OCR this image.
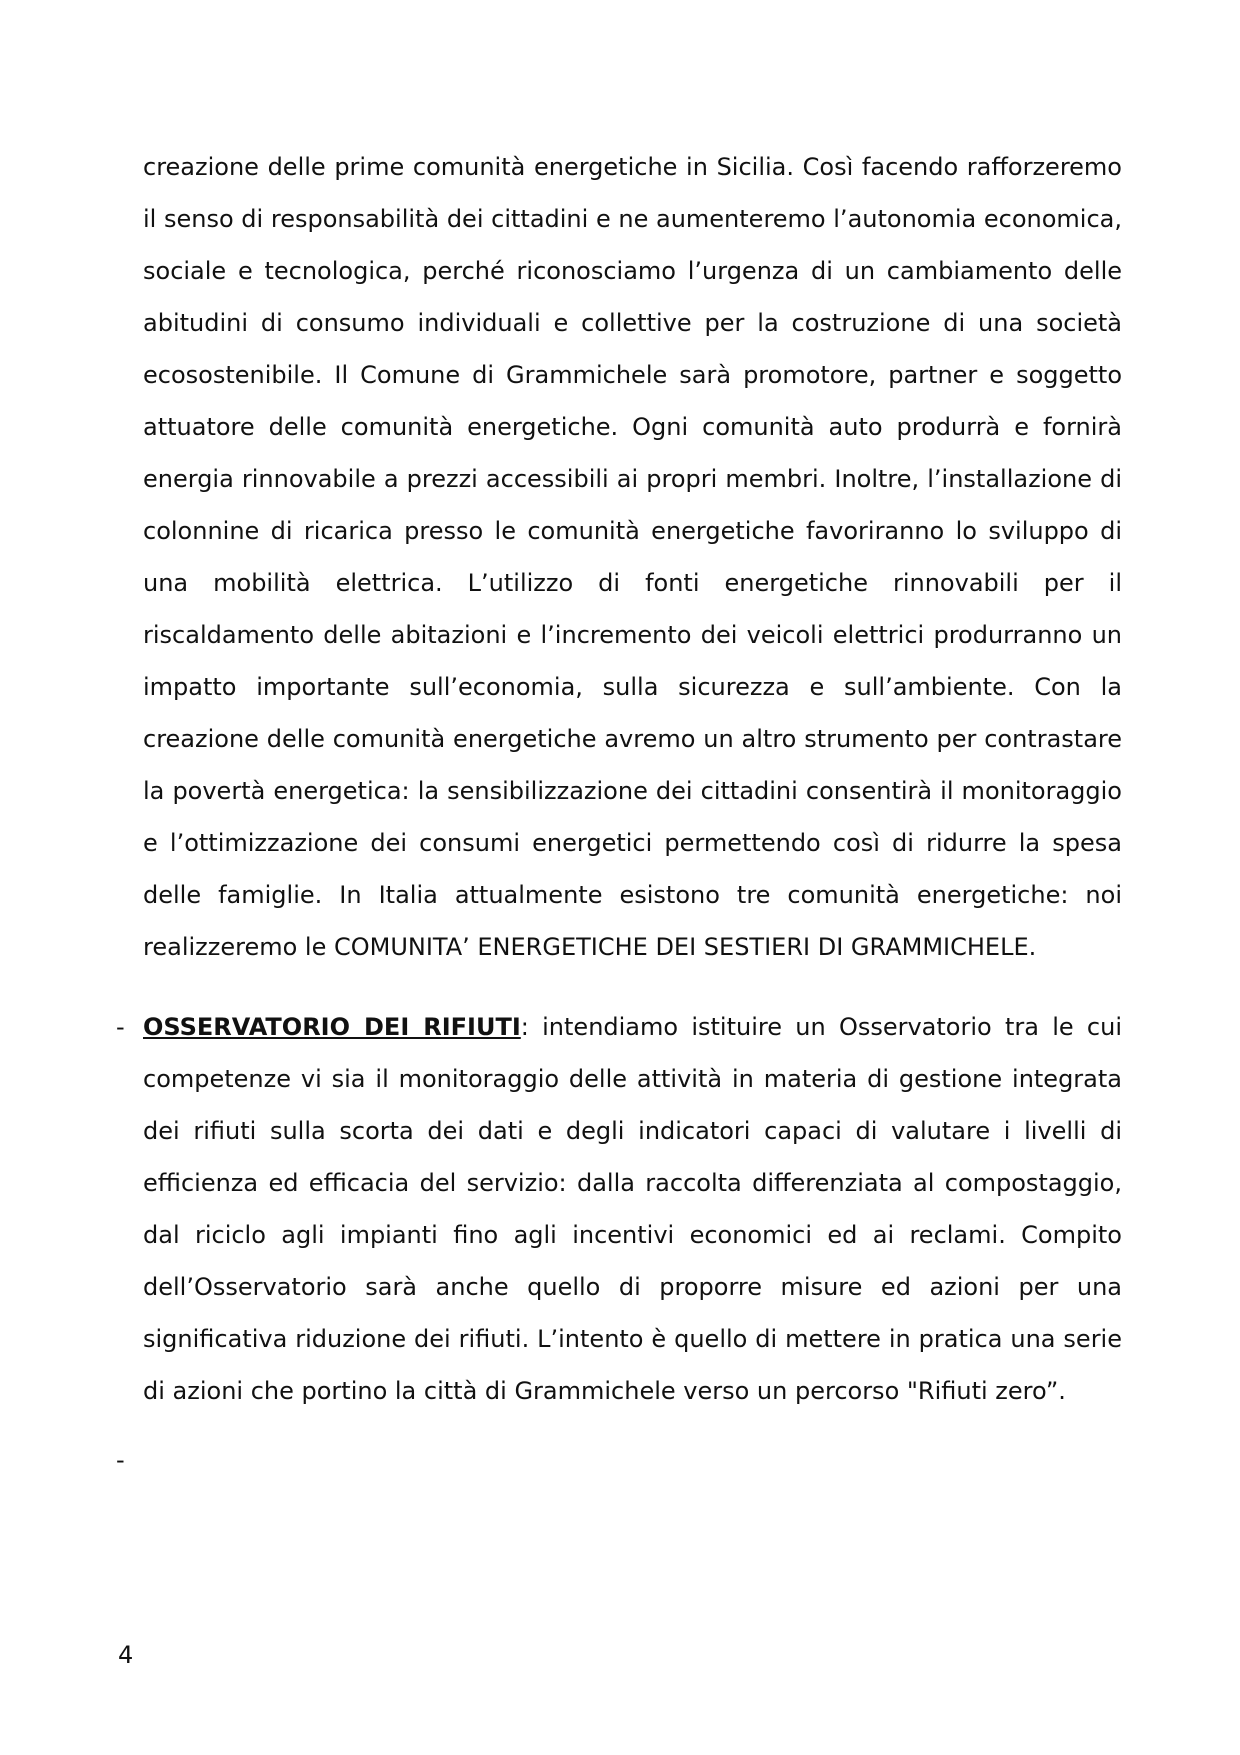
creazione delle prime comunità energetiche in Sicilia. Così facendo rafforzeremo il senso di responsabilità dei cittadini e ne aumenteremo l’autonomia economica, sociale e tecnologica, perché riconosciamo l’urgenza di un cambiamento delle abitudini di consumo individuali e collettive per la costruzione di una società ecosostenibile. Il Comune di Grammichele sarà promotore, partner e soggetto attuatore delle comunità energetiche. Ogni comunità auto produrrà e fornirà energia rinnovabile a prezzi accessibili ai propri membri. Inoltre, l’installazione di colonnine di ricarica presso le comunità energetiche favoriranno lo sviluppo di una mobilità elettrica. L’utilizzo di fonti energetiche rinnovabili per il riscaldamento delle abitazioni e l’incremento dei veicoli elettrici produrranno un impatto importante sull’economia, sulla sicurezza e sull’ambiente. Con la creazione delle comunità energetiche avremo un altro strumento per contrastare la povertà energetica: la sensibilizzazione dei cittadini consentirà il monitoraggio e l’ottimizzazione dei consumi energetici permettendo così di ridurre la spesa delle famiglie. In Italia attualmente esistono tre comunità energetiche: noi realizzeremo le COMUNITA’ ENERGETICHE DEI SESTIERI DI GRAMMICHELE.

- OSSERVATORIO DEI RIFIUTI: intendiamo istituire un Osservatorio tra le cui competenze vi sia il monitoraggio delle attività in materia di gestione integrata dei rifiuti sulla scorta dei dati e degli indicatori capaci di valutare i livelli di efficienza ed efficacia del servizio: dalla raccolta differenziata al compostaggio, dal riciclo agli impianti fino agli incentivi economici ed ai reclami. Compito dell’Osservatorio sarà anche quello di proporre misure ed azioni per una significativa riduzione dei rifiuti. L’intento è quello di mettere in pratica una serie di azioni che portino la città di Grammichele verso un percorso "Rifiuti zero”.

-
4
